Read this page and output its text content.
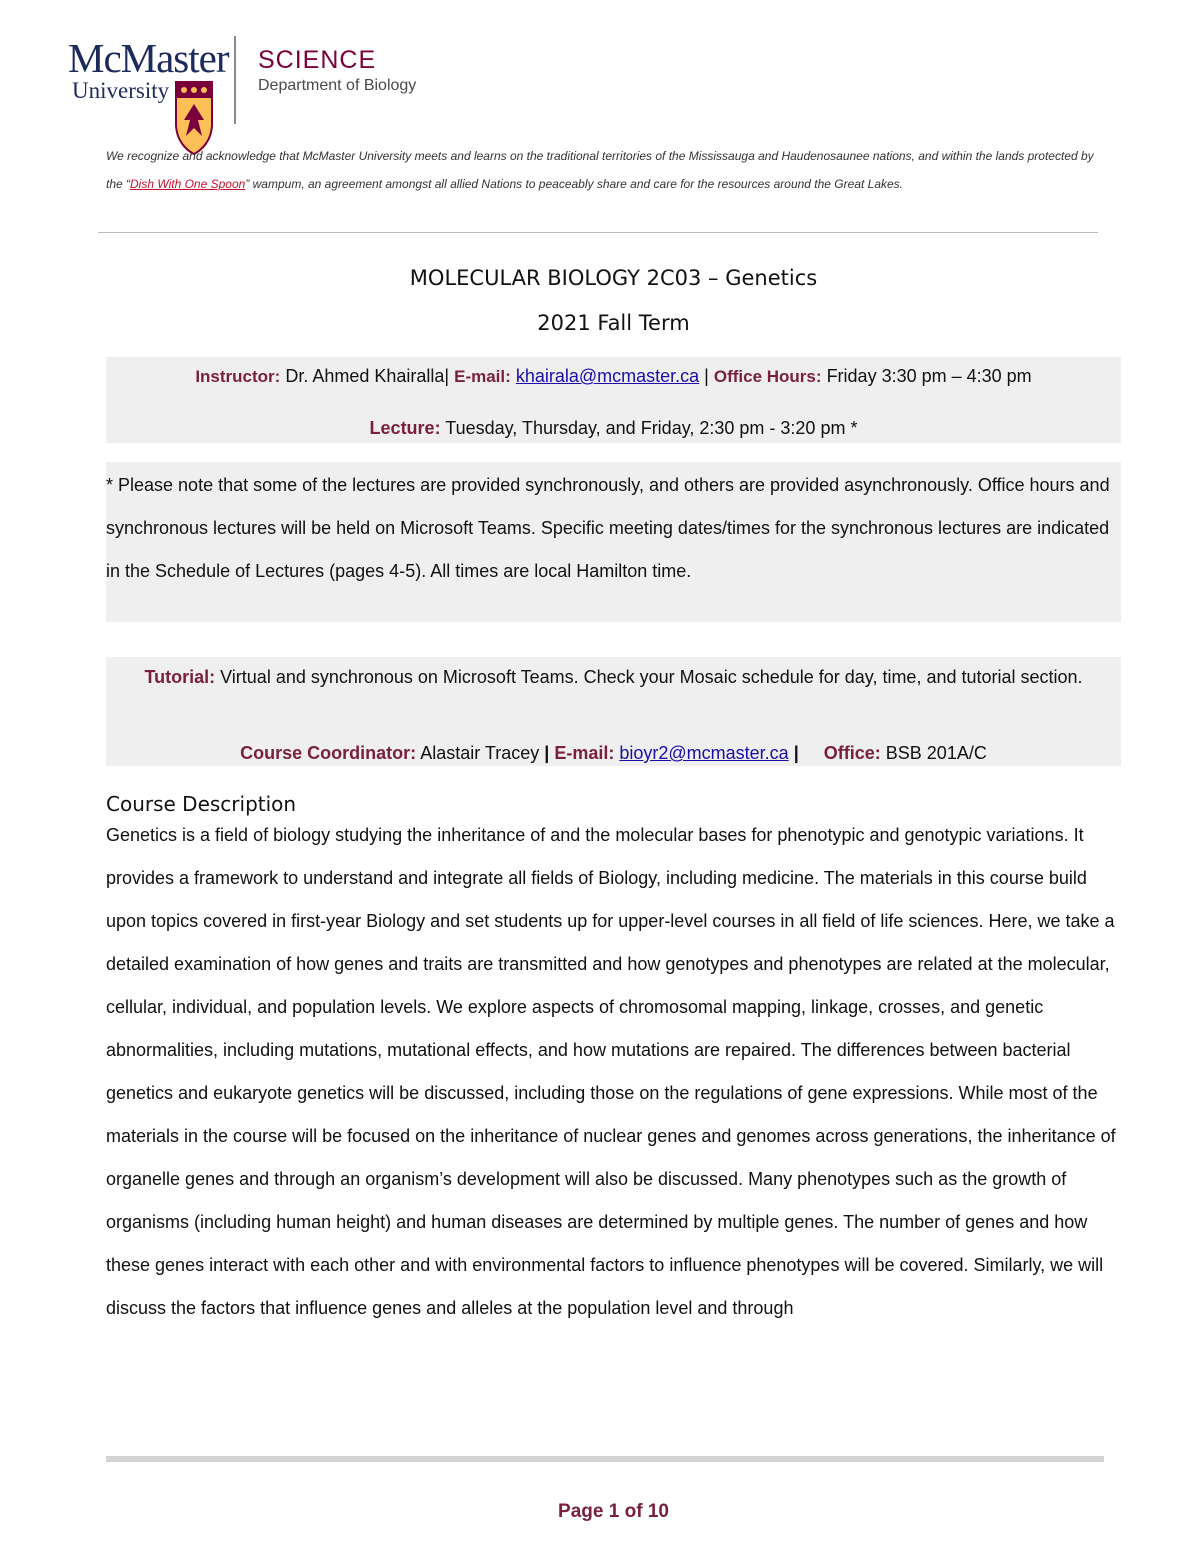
McMaster
University
SCIENCE
Department of Biology
We recognize and acknowledge that McMaster University meets and learns on the traditional territories of the Mississauga and Haudenosaunee nations, and within the lands protected by the “Dish With One Spoon” wampum, an agreement amongst all allied Nations to peaceably share and care for the resources around the Great Lakes.
MOLECULAR BIOLOGY 2C03 – Genetics
2021 Fall Term
Instructor: Dr. Ahmed Khairalla| E-mail: khairala@mcmaster.ca | Office Hours: Friday 3:30 pm – 4:30 pm
Lecture: Tuesday, Thursday, and Friday, 2:30 pm - 3:20 pm *
* Please note that some of the lectures are provided synchronously, and others are provided asynchronously. Office hours and synchronous lectures will be held on Microsoft Teams. Specific meeting dates/times for the synchronous lectures are indicated in the Schedule of Lectures (pages 4-5). All times are local Hamilton time.
Tutorial: Virtual and synchronous on Microsoft Teams. Check your Mosaic schedule for day, time, and tutorial section.
Course Coordinator: Alastair Tracey | E-mail: bioyr2@mcmaster.ca | Office: BSB 201A/C
Course Description
Genetics is a field of biology studying the inheritance of and the molecular bases for phenotypic and genotypic variations. It provides a framework to understand and integrate all fields of Biology, including medicine. The materials in this course build upon topics covered in first-year Biology and set students up for upper-level courses in all field of life sciences. Here, we take a detailed examination of how genes and traits are transmitted and how genotypes and phenotypes are related at the molecular, cellular, individual, and population levels. We explore aspects of chromosomal mapping, linkage, crosses, and genetic abnormalities, including mutations, mutational effects, and how mutations are repaired. The differences between bacterial genetics and eukaryote genetics will be discussed, including those on the regulations of gene expressions. While most of the materials in the course will be focused on the inheritance of nuclear genes and genomes across generations, the inheritance of organelle genes and through an organism’s development will also be discussed. Many phenotypes such as the growth of organisms (including human height) and human diseases are determined by multiple genes. The number of genes and how these genes interact with each other and with environmental factors to influence phenotypes will be covered. Similarly, we will discuss the factors that influence genes and alleles at the population level and through
Page 1 of 10
